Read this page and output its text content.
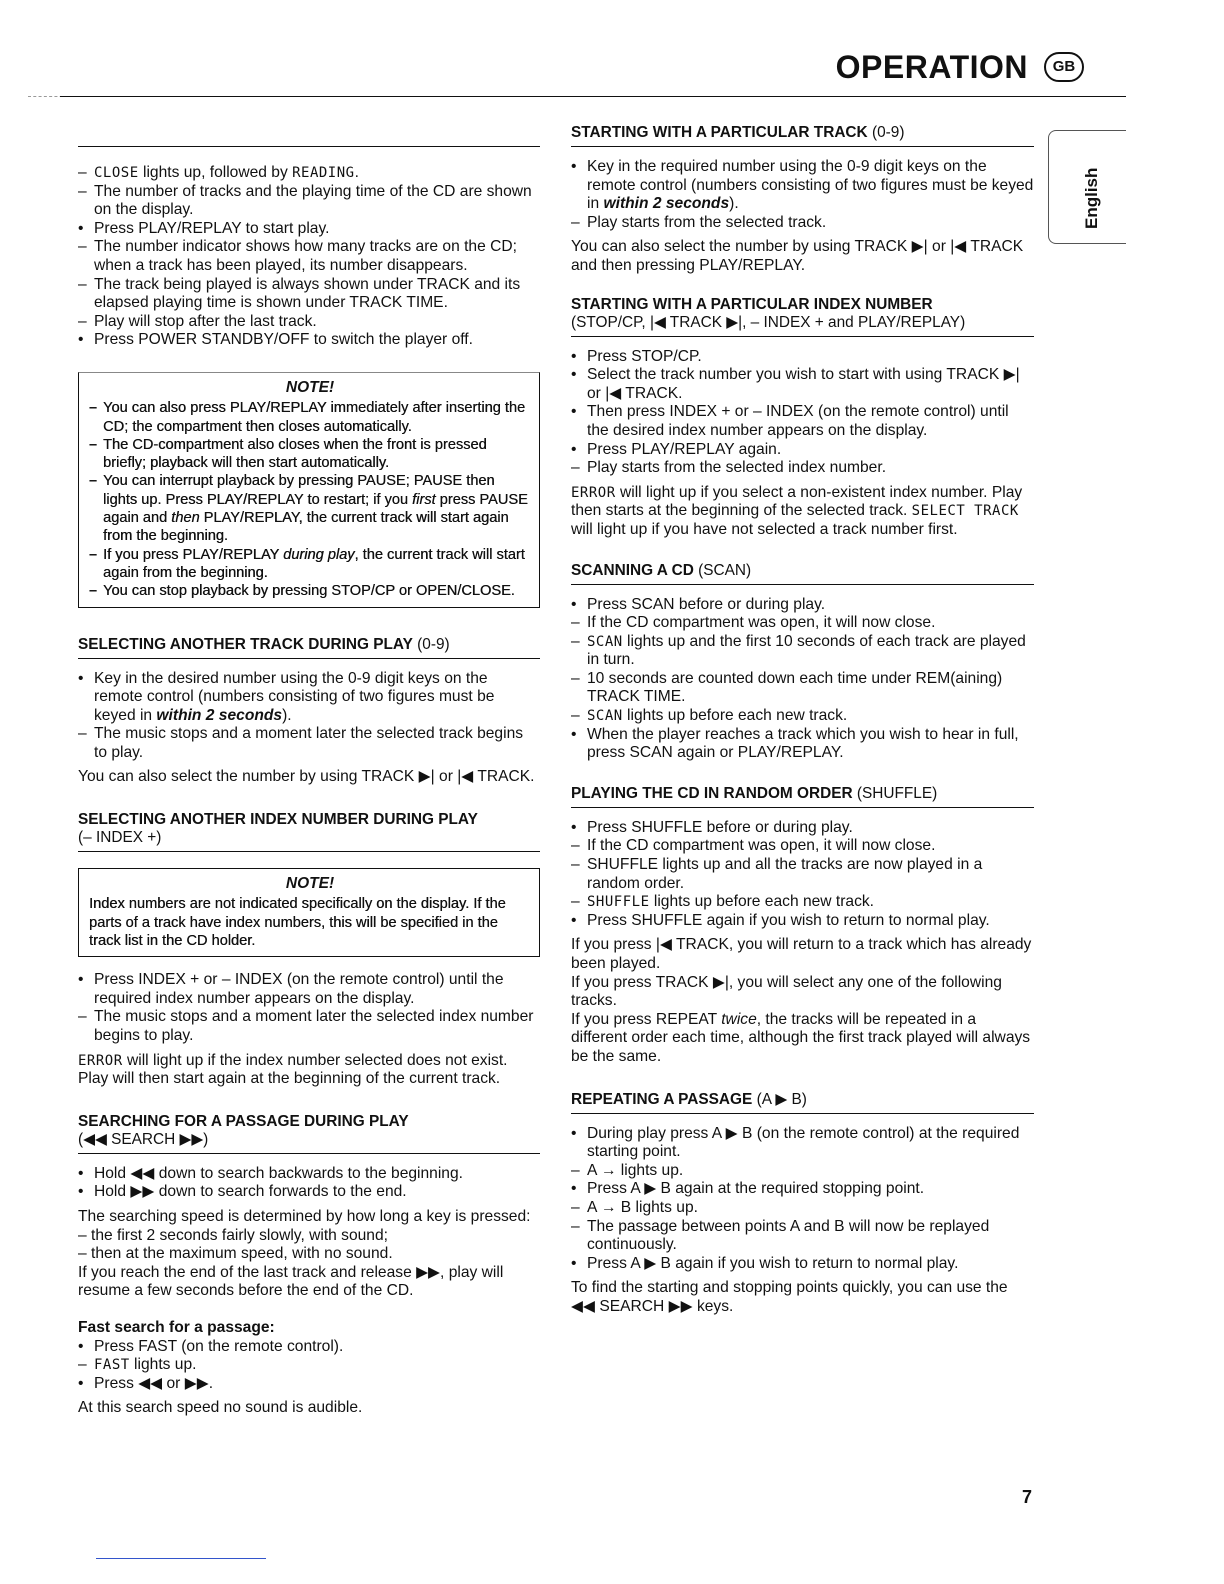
OPERATION	GB
English
– CLOSE lights up, followed by READING.
– The number of tracks and the playing time of the CD are shown on the display.
• Press PLAY/REPLAY to start play.
– The number indicator shows how many tracks are on the CD; when a track has been played, its number disappears.
– The track being played is always shown under TRACK and its elapsed playing time is shown under TRACK TIME.
– Play will stop after the last track.
• Press POWER STANDBY/OFF to switch the player off.
NOTE!
– You can also press PLAY/REPLAY immediately after inserting the CD; the compartment then closes automatically.
– The CD-compartment also closes when the front is pressed briefly; playback will then start automatically.
– You can interrupt playback by pressing PAUSE; PAUSE then lights up. Press PLAY/REPLAY to restart; if you first press PAUSE again and then PLAY/REPLAY, the current track will start again from the beginning.
– If you press PLAY/REPLAY during play, the current track will start again from the beginning.
– You can stop playback by pressing STOP/CP or OPEN/CLOSE.
SELECTING ANOTHER TRACK DURING PLAY (0-9)
• Key in the desired number using the 0-9 digit keys on the remote control (numbers consisting of two figures must be keyed in within 2 seconds).
– The music stops and a moment later the selected track begins to play.
You can also select the number by using TRACK ▶| or |◀ TRACK.
SELECTING ANOTHER INDEX NUMBER DURING PLAY
(– INDEX +)
NOTE!
Index numbers are not indicated specifically on the display. If the parts of a track have index numbers, this will be specified in the track list in the CD holder.
• Press INDEX + or – INDEX (on the remote control) until the required index number appears on the display.
– The music stops and a moment later the selected index number begins to play.
ERROR will light up if the index number selected does not exist. Play will then start again at the beginning of the current track.
SEARCHING FOR A PASSAGE DURING PLAY
(◀◀ SEARCH ▶▶)
• Hold ◀◀ down to search backwards to the beginning.
• Hold ▶▶ down to search forwards to the end.
The searching speed is determined by how long a key is pressed:
– the first 2 seconds fairly slowly, with sound;
– then at the maximum speed, with no sound.
If you reach the end of the last track and release ▶▶, play will resume a few seconds before the end of the CD.
Fast search for a passage:
• Press FAST (on the remote control).
– FAST lights up.
• Press ◀◀ or ▶▶.
At this search speed no sound is audible.
STARTING WITH A PARTICULAR TRACK (0-9)
• Key in the required number using the 0-9 digit keys on the remote control (numbers consisting of two figures must be keyed in within 2 seconds).
– Play starts from the selected track.
You can also select the number by using TRACK ▶| or |◀ TRACK and then pressing PLAY/REPLAY.
STARTING WITH A PARTICULAR INDEX NUMBER
(STOP/CP, |◀ TRACK ▶|, – INDEX + and PLAY/REPLAY)
• Press STOP/CP.
• Select the track number you wish to start with using TRACK ▶| or |◀ TRACK.
• Then press INDEX + or – INDEX (on the remote control) until the desired index number appears on the display.
• Press PLAY/REPLAY again.
– Play starts from the selected index number.
ERROR will light up if you select a non-existent index number. Play then starts at the beginning of the selected track. SELECT TRACK will light up if you have not selected a track number first.
SCANNING A CD (SCAN)
• Press SCAN before or during play.
– If the CD compartment was open, it will now close.
– SCAN lights up and the first 10 seconds of each track are played in turn.
– 10 seconds are counted down each time under REM(aining) TRACK TIME.
– SCAN lights up before each new track.
• When the player reaches a track which you wish to hear in full, press SCAN again or PLAY/REPLAY.
PLAYING THE CD IN RANDOM ORDER (SHUFFLE)
• Press SHUFFLE before or during play.
– If the CD compartment was open, it will now close.
– SHUFFLE lights up and all the tracks are now played in a random order.
– SHUFFLE lights up before each new track.
• Press SHUFFLE again if you wish to return to normal play.
If you press |◀ TRACK, you will return to a track which has already been played.
If you press TRACK ▶|, you will select any one of the following tracks.
If you press REPEAT twice, the tracks will be repeated in a different order each time, although the first track played will always be the same.
REPEATING A PASSAGE (A ▶ B)
• During play press A ▶ B (on the remote control) at the required starting point.
– A → lights up.
• Press A ▶ B again at the required stopping point.
– A → B lights up.
– The passage between points A and B will now be replayed continuously.
• Press A ▶ B again if you wish to return to normal play.
To find the starting and stopping points quickly, you can use the ◀◀ SEARCH ▶▶ keys.
7
